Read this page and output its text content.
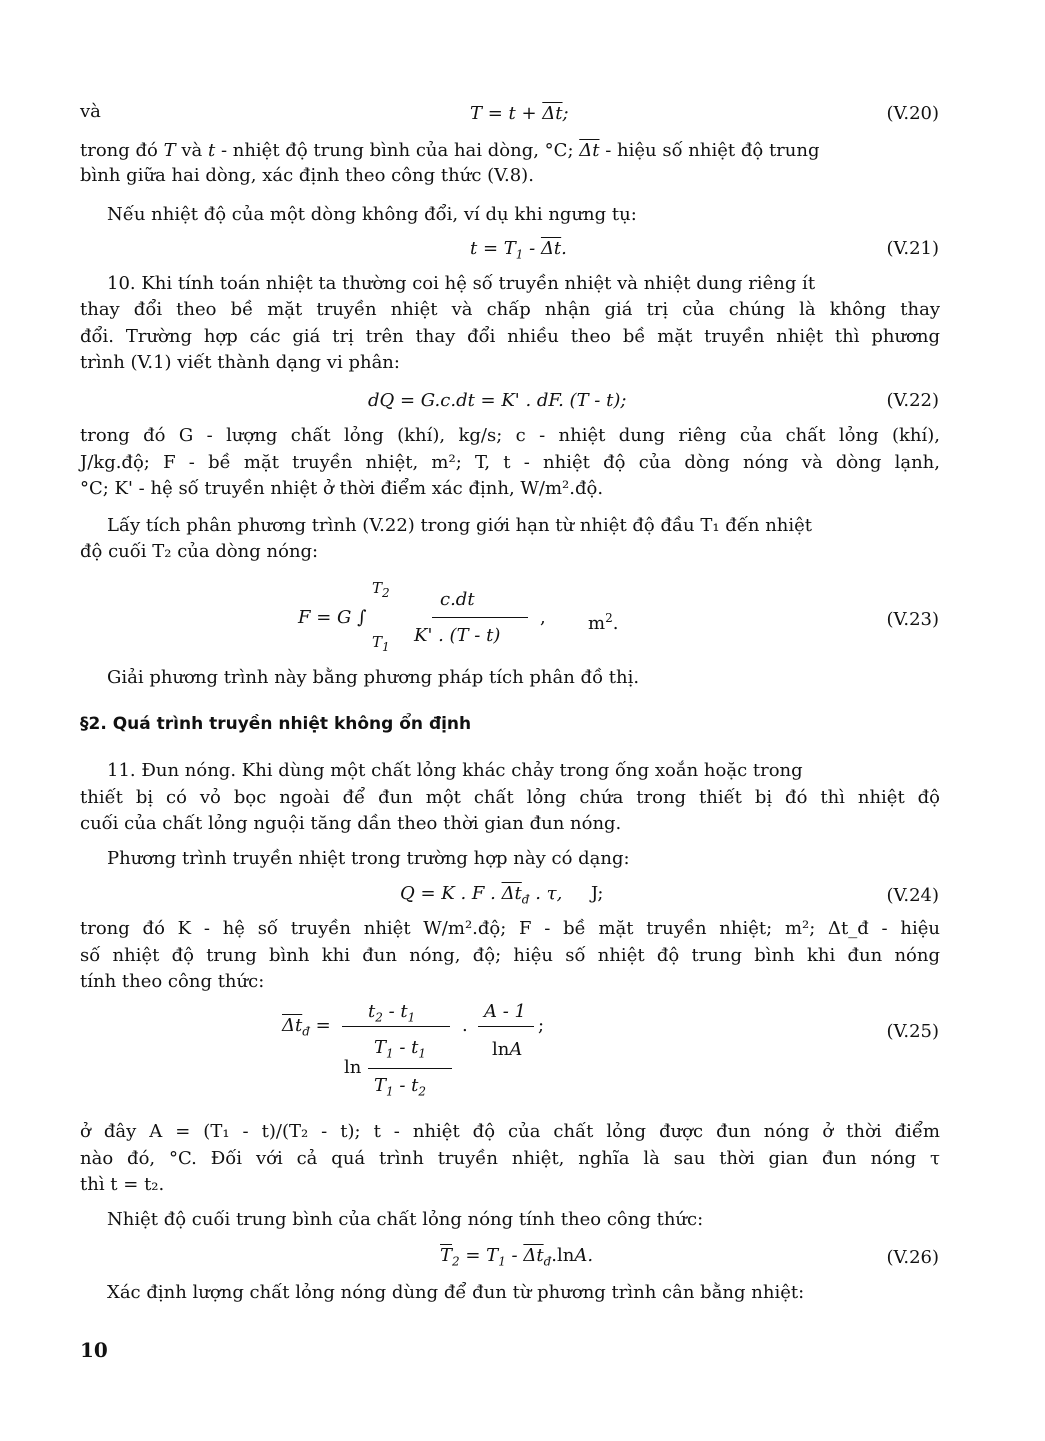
và	$T = t + \overline{\Delta t}$;	(V.20)
trong đó T và t - nhiệt độ trung bình của hai dòng, °C; $\overline{\Delta t}$ - hiệu số nhiệt độ trung
bình giữa hai dòng, xác định theo công thức (V.8).
Nếu nhiệt độ của một dòng không đổi, ví dụ khi ngưng tụ:
$t = T_1 - \overline{\Delta t}$.	(V.21)
10. Khi tính toán nhiệt ta thường coi hệ số truyền nhiệt và nhiệt dung riêng ít
thay đổi theo bề mặt truyền nhiệt và chấp nhận giá trị của chúng là không thay
đổi. Trường hợp các giá trị trên thay đổi nhiều theo bề mặt truyền nhiệt thì phương
trình (V.1) viết thành dạng vi phân:
dQ = G.c.dt = K' . dF. (T - t);	(V.22)
trong đó G - lượng chất lỏng (khí), kg/s; c - nhiệt dung riêng của chất lỏng (khí),
J/kg.độ; F - bề mặt truyền nhiệt, m²; T, t - nhiệt độ của dòng nóng và dòng lạnh,
°C; K' - hệ số truyền nhiệt ở thời điểm xác định, W/m².độ.
Lấy tích phân phương trình (V.22) trong giới hạn từ nhiệt độ đầu T₁ đến nhiệt
độ cuối T₂ của dòng nóng:
$T_2$	c.dt
F = G ∫	, $m^2$.
$T_1$
K' . (T - t)
(V.23)
Giải phương trình này bằng phương pháp tích phân đồ thị.
§2. Quá trình truyền nhiệt không ổn định
11. Đun nóng. Khi dùng một chất lỏng khác chảy trong ống xoắn hoặc trong
thiết bị có vỏ bọc ngoài để đun một chất lỏng chứa trong thiết bị đó thì nhiệt độ
cuối của chất lỏng nguội tăng dần theo thời gian đun nóng.
Phương trình truyền nhiệt trong trường hợp này có dạng:
Q = K . F . $\overline{\Delta t}_đ$ . τ,     J;	(V.24)
trong đó K - hệ số truyền nhiệt W/m².độ; F - bề mặt truyền nhiệt; m²; Δt_đ - hiệu
số nhiệt độ trung bình khi đun nóng, độ; hiệu số nhiệt độ trung bình khi đun nóng
tính theo công thức:
$\overline{\Delta t}_đ$ =
$t_2 - t_1$	.
A - 1
;
$T_1 - t_1$	lnA
ln
$T_1 - t_2$
(V.25)
ở đây A = (T₁ - t)/(T₂ - t); t - nhiệt độ của chất lỏng được đun nóng ở thời điểm
nào đó, °C. Đối với cả quá trình truyền nhiệt, nghĩa là sau thời gian đun nóng τ
thì t = t₂.
Nhiệt độ cuối trung bình của chất lỏng nóng tính theo công thức:
$\overline{T}_2 = T_1 - \overline{\Delta t}_đ.\ln A$.	(V.26)
Xác định lượng chất lỏng nóng dùng để đun từ phương trình cân bằng nhiệt:
10
